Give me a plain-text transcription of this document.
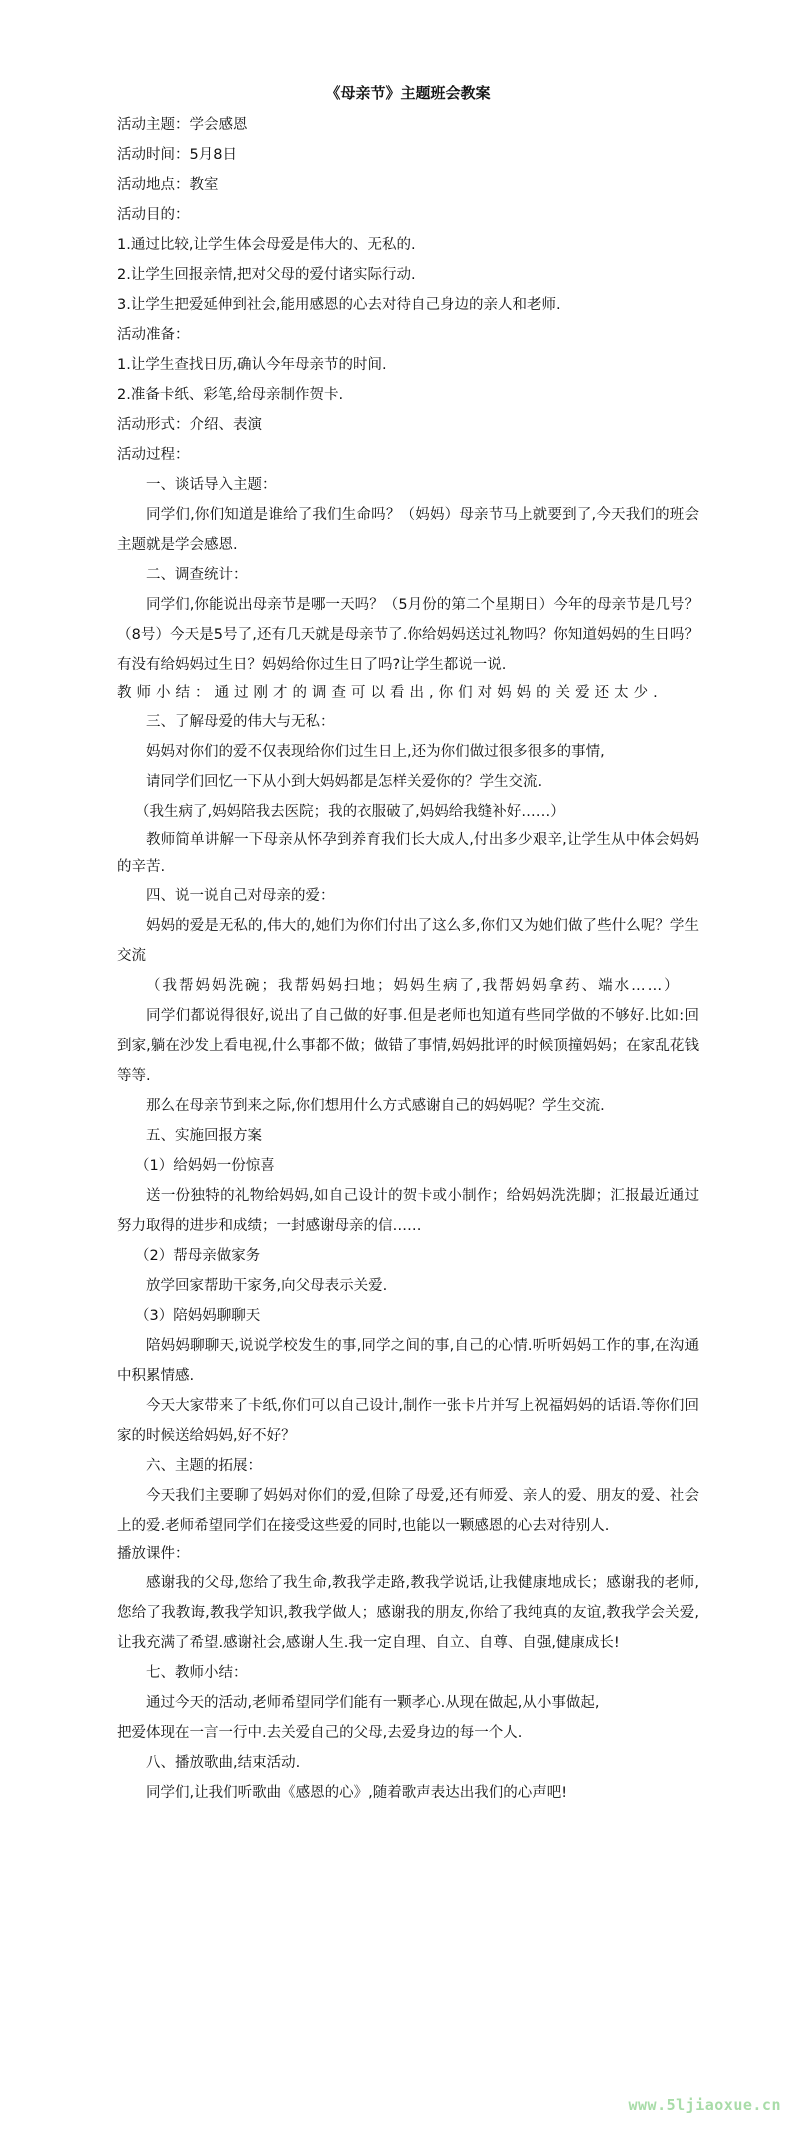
《母亲节》主题班会教案
活动主题：学会感恩
活动时间：5月8日
活动地点：教室
活动目的：
1.通过比较,让学生体会母爱是伟大的、无私的.
2.让学生回报亲情,把对父母的爱付诸实际行动.
3.让学生把爱延伸到社会,能用感恩的心去对待自己身边的亲人和老师.
活动准备：
1.让学生查找日历,确认今年母亲节的时间.
2.准备卡纸、彩笔,给母亲制作贺卡.
活动形式：介绍、表演
活动过程：
一、谈话导入主题：
同学们,你们知道是谁给了我们生命吗？（妈妈）母亲节马上就要到了,今天我们的班会主题就是学会感恩.
二、调查统计：
同学们,你能说出母亲节是哪一天吗？（5月份的第二个星期日）今年的母亲节是几号？（8号）今天是5号了,还有几天就是母亲节了.你给妈妈送过礼物吗？你知道妈妈的生日吗？有没有给妈妈过生日？妈妈给你过生日了吗?让学生都说一说.
教师小结：通过刚才的调查可以看出,你们对妈妈的关爱还太少.
三、了解母爱的伟大与无私：
妈妈对你们的爱不仅表现给你们过生日上,还为你们做过很多很多的事情,
请同学们回忆一下从小到大妈妈都是怎样关爱你的？学生交流.
（我生病了,妈妈陪我去医院；我的衣服破了,妈妈给我缝补好……）
教师简单讲解一下母亲从怀孕到养育我们长大成人,付出多少艰辛,让学生从中体会妈妈的辛苦.
四、说一说自己对母亲的爱：
妈妈的爱是无私的,伟大的,她们为你们付出了这么多,你们又为她们做了些什么呢？学生交流
（我帮妈妈洗碗；我帮妈妈扫地；妈妈生病了,我帮妈妈拿药、端水……）
同学们都说得很好,说出了自己做的好事.但是老师也知道有些同学做的不够好.比如:回到家,躺在沙发上看电视,什么事都不做；做错了事情,妈妈批评的时候顶撞妈妈；在家乱花钱等等.
那么在母亲节到来之际,你们想用什么方式感谢自己的妈妈呢？学生交流.
五、实施回报方案
（1）给妈妈一份惊喜
送一份独特的礼物给妈妈,如自己设计的贺卡或小制作；给妈妈洗洗脚；汇报最近通过努力取得的进步和成绩；一封感谢母亲的信……
（2）帮母亲做家务
放学回家帮助干家务,向父母表示关爱.
（3）陪妈妈聊聊天
陪妈妈聊聊天,说说学校发生的事,同学之间的事,自己的心情.听听妈妈工作的事,在沟通中积累情感.
今天大家带来了卡纸,你们可以自己设计,制作一张卡片并写上祝福妈妈的话语.等你们回家的时候送给妈妈,好不好？
六、主题的拓展：
今天我们主要聊了妈妈对你们的爱,但除了母爱,还有师爱、亲人的爱、朋友的爱、社会上的爱.老师希望同学们在接受这些爱的同时,也能以一颗感恩的心去对待别人.
播放课件：
感谢我的父母,您给了我生命,教我学走路,教我学说话,让我健康地成长；感谢我的老师,您给了我教诲,教我学知识,教我学做人；感谢我的朋友,你给了我纯真的友谊,教我学会关爱,让我充满了希望.感谢社会,感谢人生.我一定自理、自立、自尊、自强,健康成长!
七、教师小结：
通过今天的活动,老师希望同学们能有一颗孝心.从现在做起,从小事做起,
把爱体现在一言一行中.去关爱自己的父母,去爱身边的每一个人.
八、播放歌曲,结束活动.
同学们,让我们听歌曲《感恩的心》,随着歌声表达出我们的心声吧!
www.5ljiaoxue.cn
